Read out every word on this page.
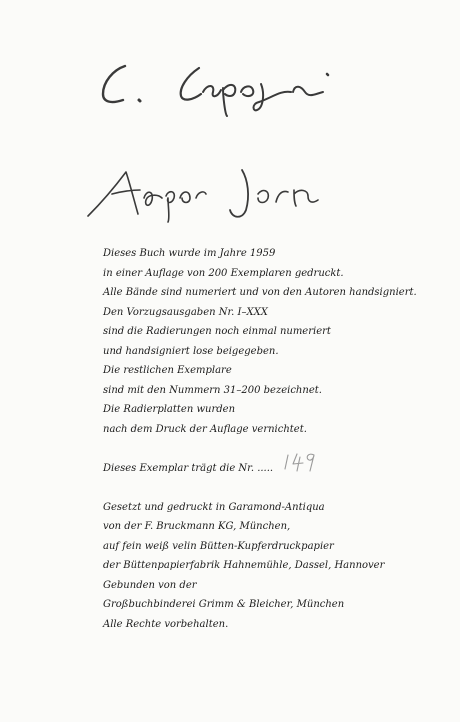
Dieses Buch wurde im Jahre 1959
in einer Auflage von 200 Exemplaren gedruckt.
Alle Bände sind numeriert und von den Autoren handsigniert.
Den Vorzugsausgaben Nr. I–XXX
sind die Radierungen noch einmal numeriert
und handsigniert lose beigegeben.
Die restlichen Exemplare
sind mit den Nummern 31–200 bezeichnet.
Die Radierplatten wurden
nach dem Druck der Auflage vernichtet.
Dieses Exemplar trägt die Nr. .....
Gesetzt und gedruckt in Garamond-Antiqua
von der F. Bruckmann KG, München,
auf fein weiß velin Bütten-Kupferdruckpapier
der Büttenpapierfabrik Hahnemühle, Dassel, Hannover
Gebunden von der
Großbuchbinderei Grimm & Bleicher, München
Alle Rechte vorbehalten.
